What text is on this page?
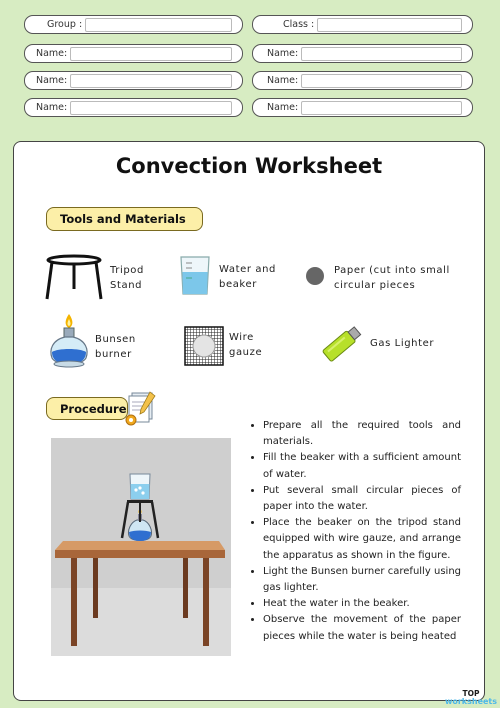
Group :	Class :
Name:	Name:
Name:	Name:
Name:	Name:
Convection Worksheet
Tools and Materials
Tripod Stand
Water and beaker
Paper (cut into small circular pieces
Bunsen burner
Wire gauze
Gas Lighter
Procedure
• Prepare all the required tools and materials.
• Fill the beaker with a sufficient amount of water.
• Put several small circular pieces of paper into the water.
• Place the beaker on the tripod stand equipped with wire gauze, and arrange the apparatus as shown in the figure.
• Light the Bunsen burner carefully using gas lighter.
• Heat the water in the beaker.
• Observe the movement of the paper pieces while the water is being heated
TOP
worksheets
